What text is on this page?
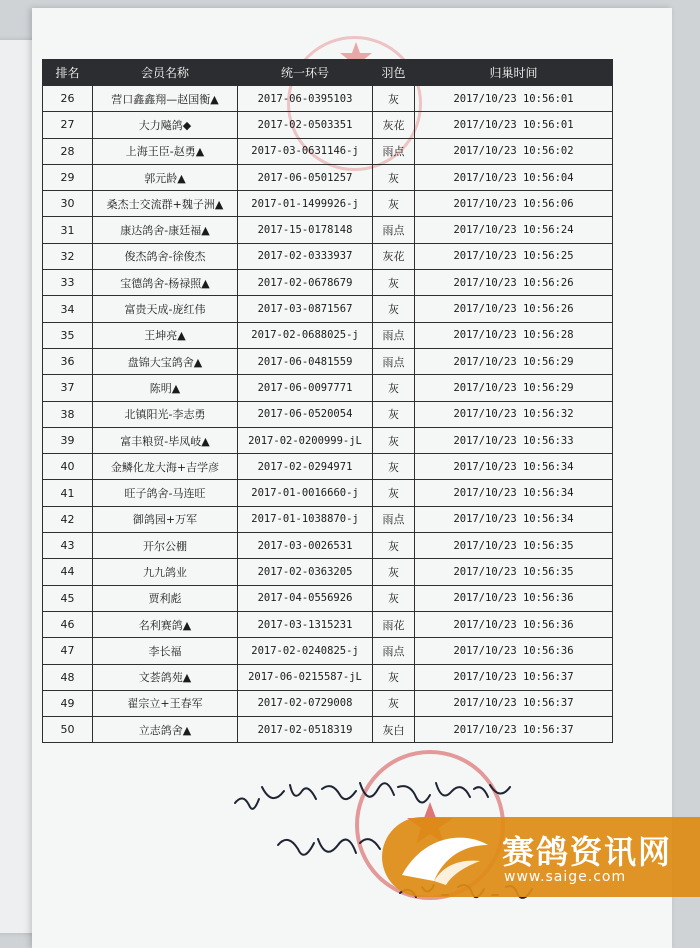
排名	会员名称	统一环号	羽色	归巢时间
26	营口鑫鑫翔—赵国衡▲	2017-06-0395103	灰	2017/10/23 10:56:01
27	大力飚鸽◆	2017-02-0503351	灰花	2017/10/23 10:56:01
28	上海王臣-赵勇▲	2017-03-0631146-j	雨点	2017/10/23 10:56:02
29	郭元龄▲	2017-06-0501257	灰	2017/10/23 10:56:04
30	桑杰士交流群+魏子洲▲	2017-01-1499926-j	灰	2017/10/23 10:56:06
31	康达鸽舍-康廷福▲	2017-15-0178148	雨点	2017/10/23 10:56:24
32	俊杰鸽舍-徐俊杰	2017-02-0333937	灰花	2017/10/23 10:56:25
33	宝德鸽舍-杨禄照▲	2017-02-0678679	灰	2017/10/23 10:56:26
34	富贵天成-庞红伟	2017-03-0871567	灰	2017/10/23 10:56:26
35	王坤亮▲	2017-02-0688025-j	雨点	2017/10/23 10:56:28
36	盘锦大宝鸽舍▲	2017-06-0481559	雨点	2017/10/23 10:56:29
37	陈明▲	2017-06-0097771	灰	2017/10/23 10:56:29
38	北镇阳光-李志勇	2017-06-0520054	灰	2017/10/23 10:56:32
39	富丰粮贸-毕凤岐▲	2017-02-0200999-jL	灰	2017/10/23 10:56:33
40	金鳞化龙大海+吉学彦	2017-02-0294971	灰	2017/10/23 10:56:34
41	旺子鸽舍-马连旺	2017-01-0016660-j	灰	2017/10/23 10:56:34
42	御鸽园+万军	2017-01-1038870-j	雨点	2017/10/23 10:56:34
43	开尔公棚	2017-03-0026531	灰	2017/10/23 10:56:35
44	九九鸽业	2017-02-0363205	灰	2017/10/23 10:56:35
45	贾利彪	2017-04-0556926	灰	2017/10/23 10:56:36
46	名利赛鸽▲	2017-03-1315231	雨花	2017/10/23 10:56:36
47	李长福	2017-02-0240825-j	雨点	2017/10/23 10:56:36
48	文荟鸽苑▲	2017-06-0215587-jL	灰	2017/10/23 10:56:37
49	翟宗立+王春军	2017-02-0729008	灰	2017/10/23 10:56:37
50	立志鸽舍▲	2017-02-0518319	灰白	2017/10/23 10:56:37
赛鸽资讯网
www.saige.com
